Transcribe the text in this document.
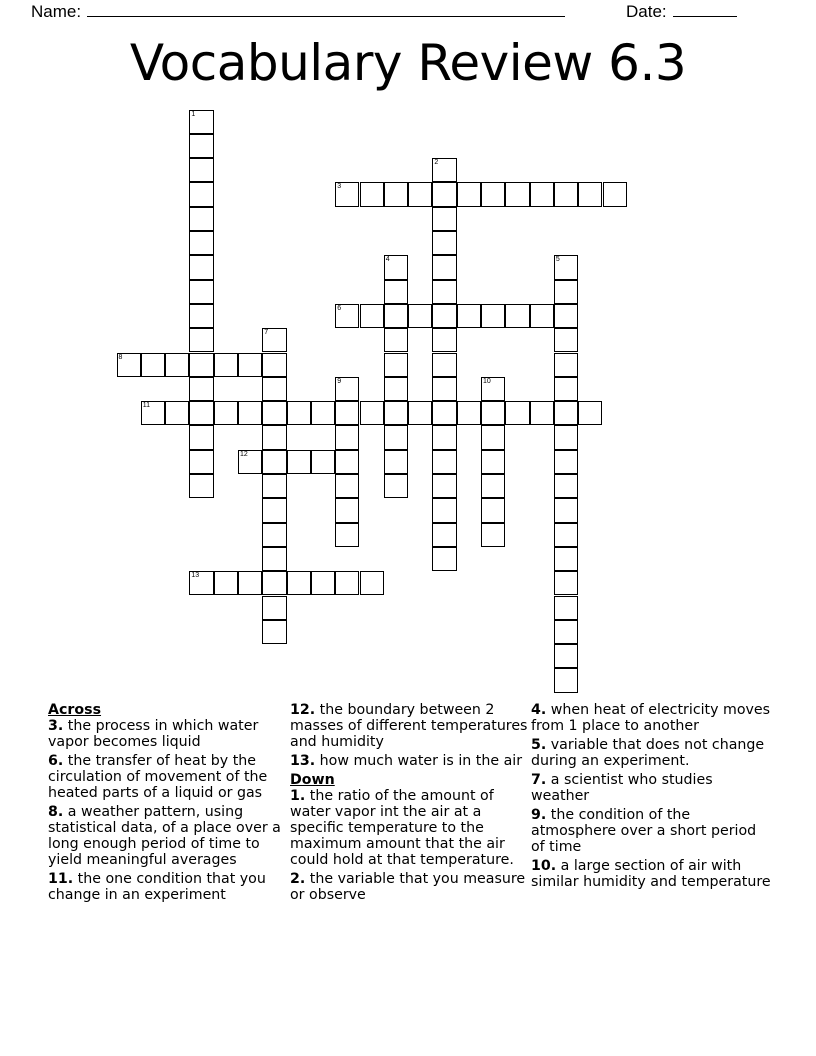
Name:	Date:
Vocabulary Review 6.3
1
2
3
4	5
6
7
8
9	10
11
12
13
Across

3. the process in which water vapor becomes liquid

6. the transfer of heat by the circulation of movement of the heated parts of a liquid or gas

8. a weather pattern, using statistical data, of a place over a long enough period of time to yield meaningful averages

11. the one condition that you change in an experiment

12. the boundary between 2 masses of different temperatures and humidity

13. how much water is in the air

Down

1. the ratio of the amount of water vapor int the air at a specific temperature to the maximum amount that the air could hold at that temperature.

2. the variable that you measure or observe

4. when heat of electricity moves from 1 place to another

5. variable that does not change during an experiment.

7. a scientist who studies weather

9. the condition of the atmosphere over a short period of time

10. a large section of air with similar humidity and temperature
